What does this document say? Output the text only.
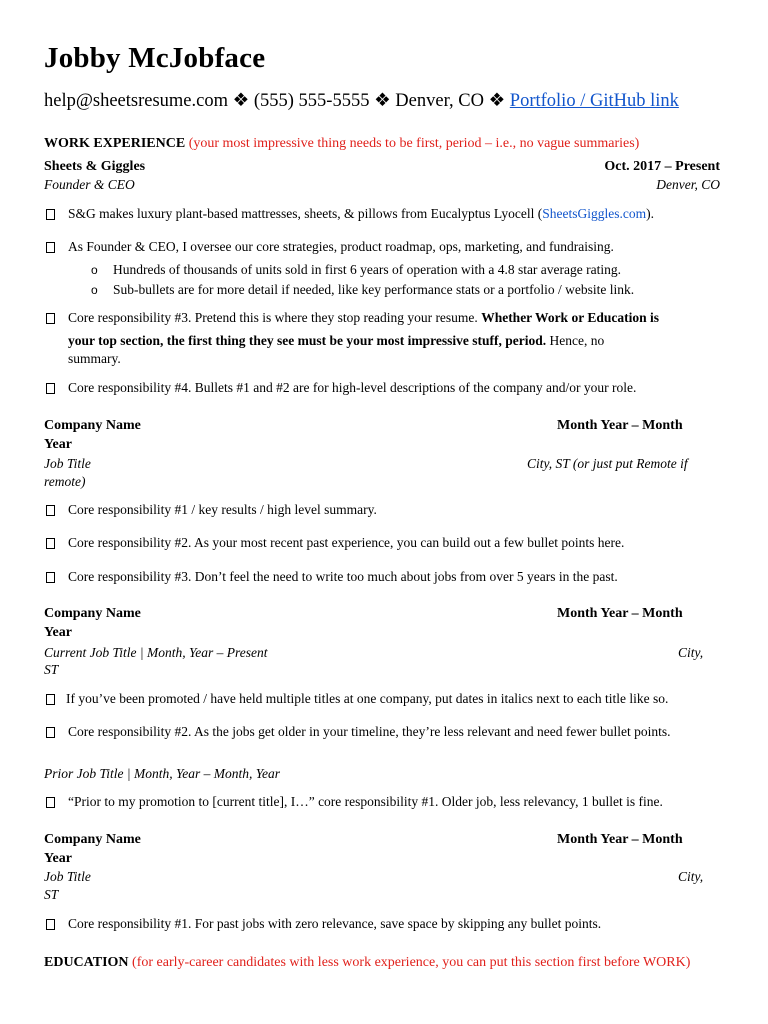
Jobby McJobface
help@sheetsresume.com ❖ (555) 555-5555 ❖ Denver, CO ❖ Portfolio / GitHub link
WORK EXPERIENCE (your most impressive thing needs to be first, period – i.e., no vague summaries)
Sheets & Giggles	Oct. 2017 – Present
Founder & CEO	Denver, CO
S&G makes luxury plant-based mattresses, sheets, & pillows from Eucalyptus Lyocell (SheetsGiggles.com).
As Founder & CEO, I oversee our core strategies, product roadmap, ops, marketing, and fundraising.
o Hundreds of thousands of units sold in first 6 years of operation with a 4.8 star average rating.
o Sub-bullets are for more detail if needed, like key performance stats or a portfolio / website link.
Core responsibility #3. Pretend this is where they stop reading your resume. Whether Work or Education is
your top section, the first thing they see must be your most impressive stuff, period. Hence, no
summary.
Core responsibility #4. Bullets #1 and #2 are for high-level descriptions of the company and/or your role.
Company Name	Month Year – Month
Year
Job Title	City, ST (or just put Remote if
remote)
Core responsibility #1 / key results / high level summary.
Core responsibility #2. As your most recent past experience, you can build out a few bullet points here.
Core responsibility #3. Don’t feel the need to write too much about jobs from over 5 years in the past.
Company Name	Month Year – Month
Year
Current Job Title | Month, Year – Present	City,
ST
If you’ve been promoted / have held multiple titles at one company, put dates in italics next to each title like so.
Core responsibility #2. As the jobs get older in your timeline, they’re less relevant and need fewer bullet points.
Prior Job Title | Month, Year – Month, Year
“Prior to my promotion to [current title], I…” core responsibility #1. Older job, less relevancy, 1 bullet is fine.
Company Name	Month Year – Month
Year
Job Title	City,
ST
Core responsibility #1. For past jobs with zero relevance, save space by skipping any bullet points.
EDUCATION (for early-career candidates with less work experience, you can put this section first before WORK)
